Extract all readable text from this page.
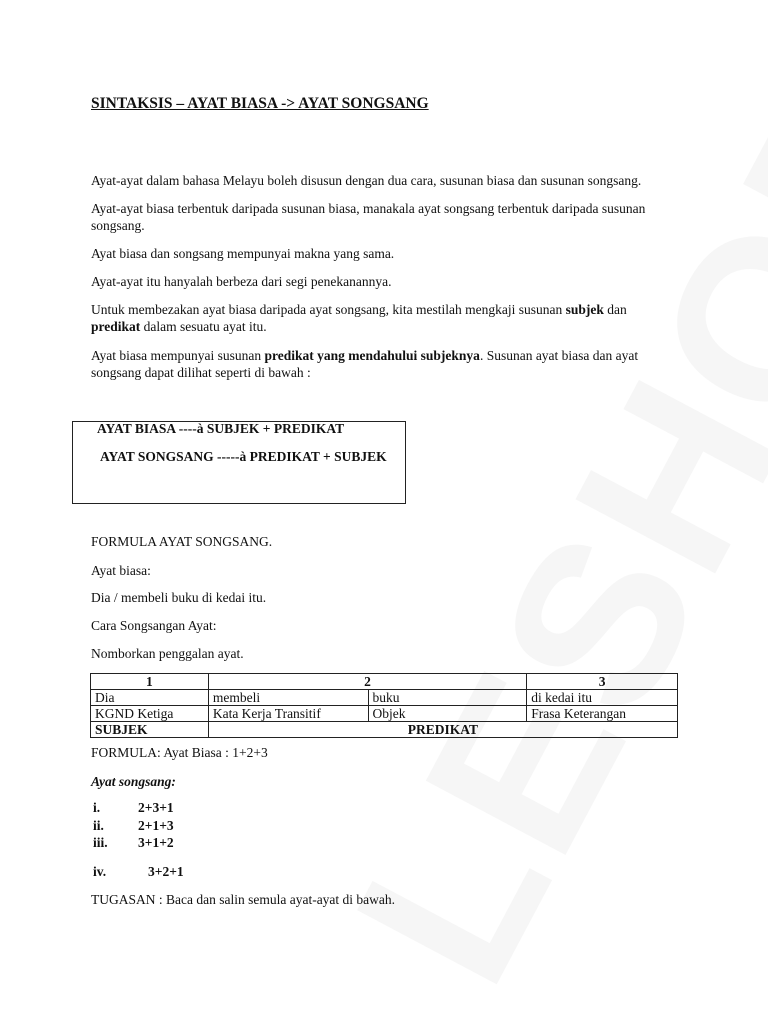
SINTAKSIS – AYAT BIASA -> AYAT SONGSANG
Ayat-ayat dalam bahasa Melayu boleh disusun dengan dua cara, susunan biasa dan susunan songsang.
Ayat-ayat biasa terbentuk daripada susunan biasa, manakala ayat songsang terbentuk daripada susunan songsang.
Ayat biasa dan songsang mempunyai makna yang sama.
Ayat-ayat itu hanyalah berbeza dari segi penekanannya.
Untuk membezakan ayat biasa daripada ayat songsang, kita mestilah mengkaji susunan subjek dan predikat dalam sesuatu ayat itu.
Ayat biasa mempunyai susunan predikat yang mendahului subjeknya. Susunan ayat biasa dan ayat songsang dapat dilihat seperti di bawah :
AYAT BIASA ----à SUBJEK + PREDIKAT
AYAT SONGSANG -----à PREDIKAT + SUBJEK
FORMULA AYAT SONGSANG.
Ayat biasa:
Dia / membeli buku di kedai itu.
Cara Songsangan Ayat:
Nomborkan penggalan ayat.
1	2		3
Dia	membeli	buku	di kedai itu
KGND Ketiga	Kata Kerja Transitif	Objek	Frasa Keterangan
SUBJEK	PREDIKAT		
FORMULA: Ayat Biasa : 1+2+3
Ayat songsang:
i.	2+3+1
ii.	2+1+3
iii. 3+1+2
iv.	3+2+1
TUGASAN : Baca dan salin semula ayat-ayat di bawah.
